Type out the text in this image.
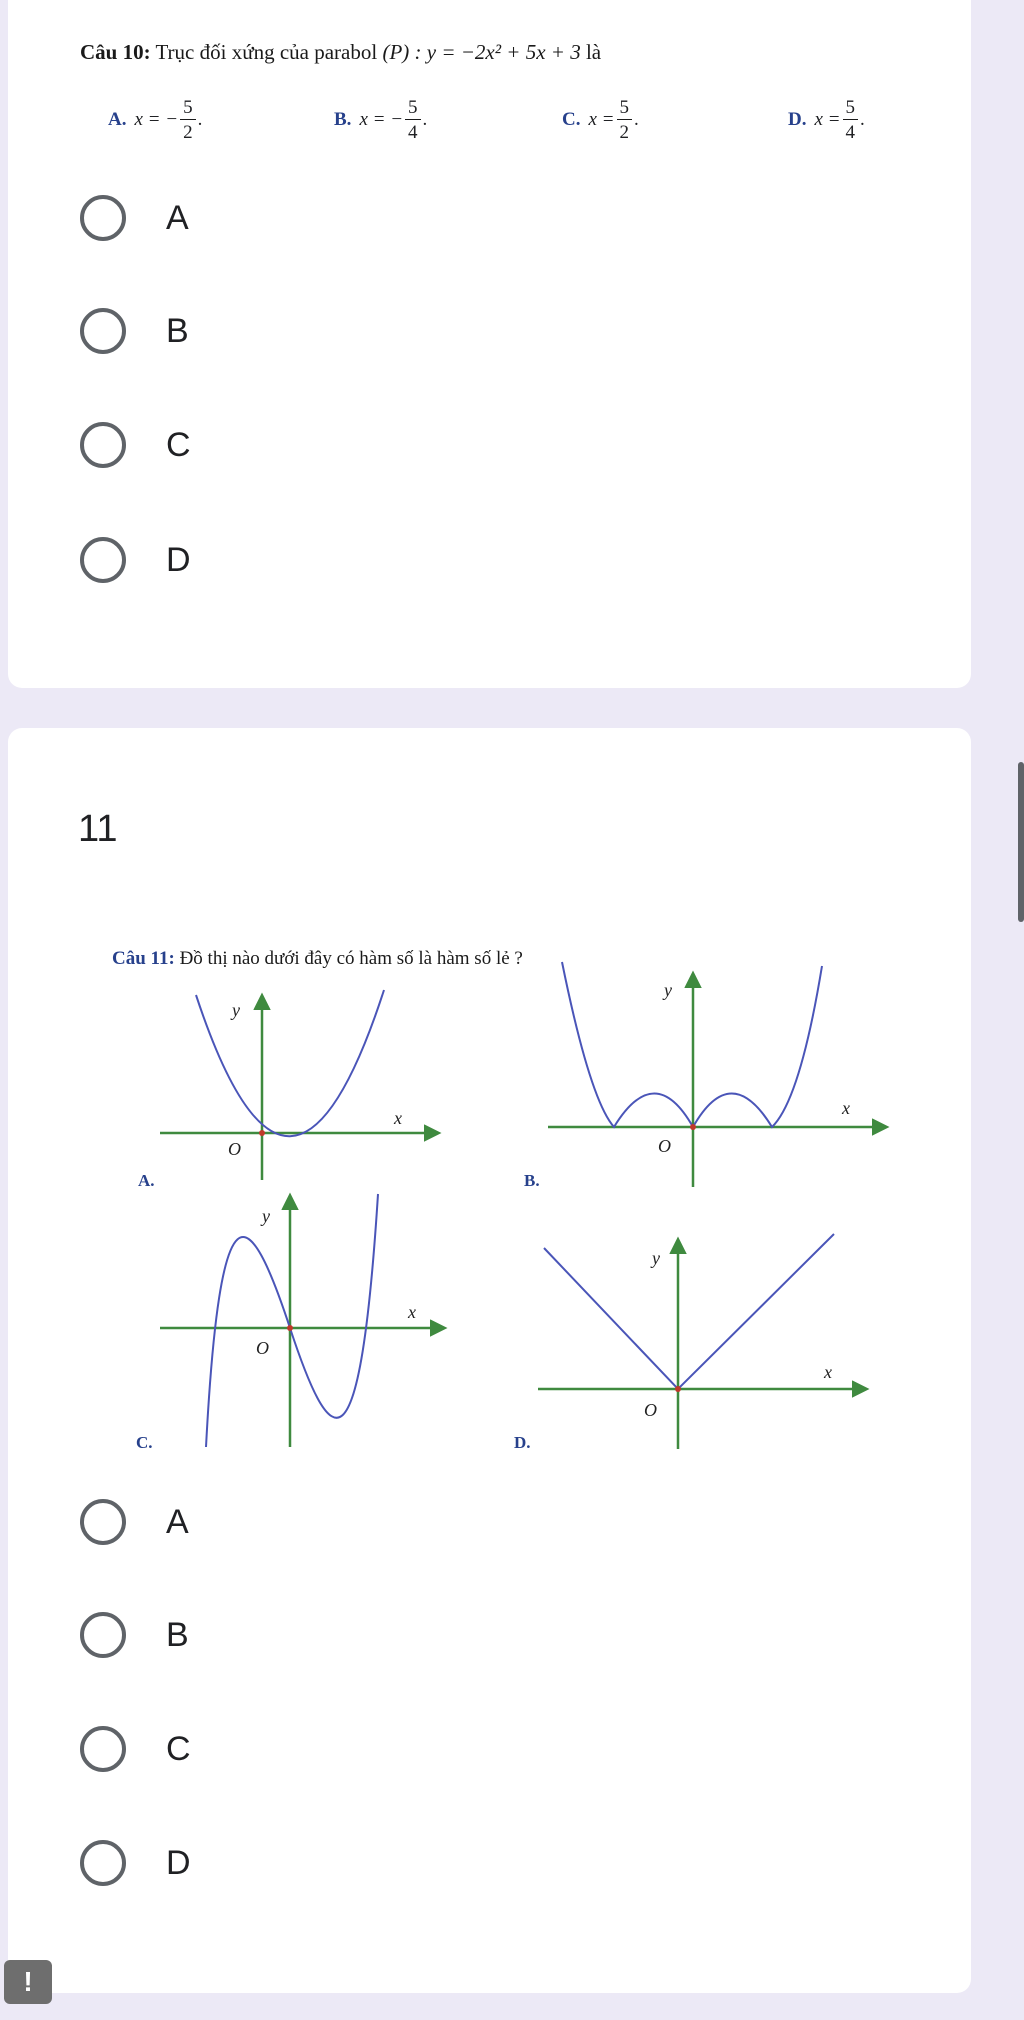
Câu 10: Trục đối xứng của parabol (P) : y = −2x² + 5x + 3 là
A. x = − $\frac{5}{2}$ .	B. x = − $\frac{5}{4}$ .	C. $x = \frac{5}{2}$ .	D. $x = \frac{5}{4}$ .
A
B
C
D
11
Câu 11: Đồ thị nào dưới đây có hàm số là hàm số lẻ ?
y
x
O
A.
y
x
O
B.
y
x
O
C.
y
x
O
D.
A
B
C
D
!
